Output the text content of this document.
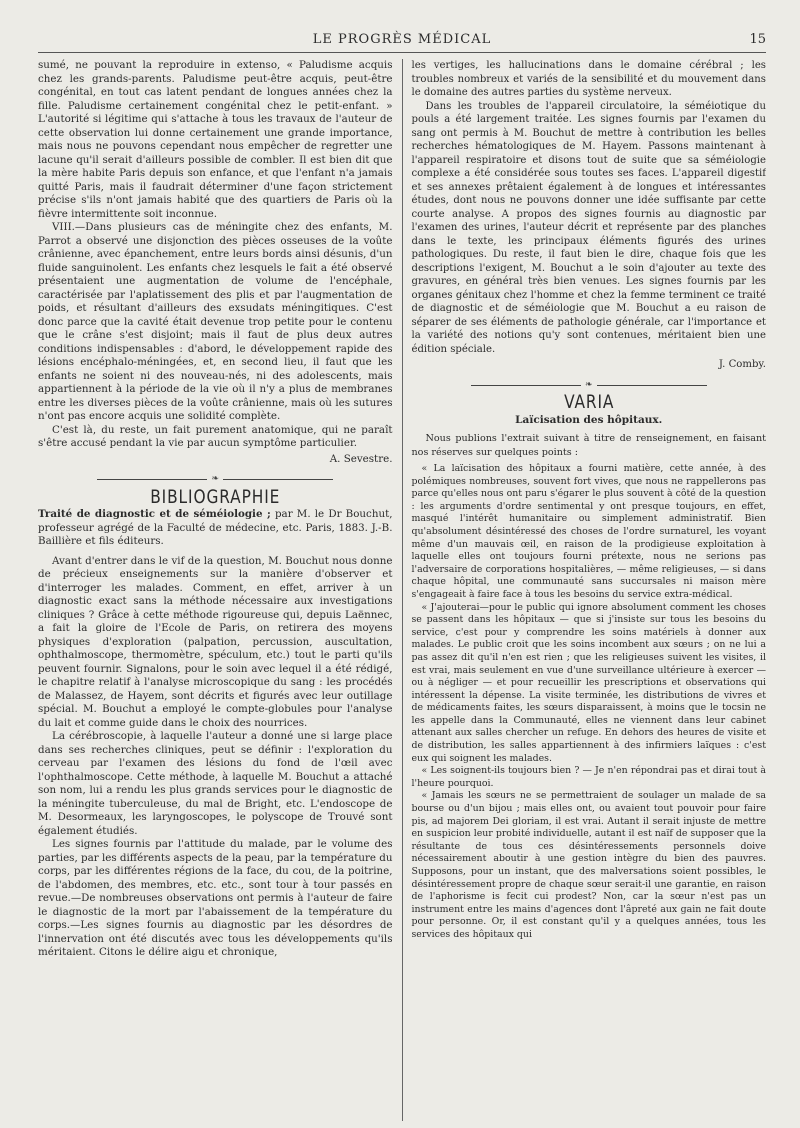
LE PROGRÈS MÉDICAL	15

sumé, ne pouvant la reproduire in extenso, « Paludisme acquis chez les grands-parents. Paludisme peut-être acquis, peut-être congénital, en tout cas latent pendant de longues années chez la fille. Paludisme certainement congénital chez le petit-enfant. » L'autorité si légitime qui s'attache à tous les travaux de l'auteur de cette observation lui donne certainement une grande importance, mais nous ne pouvons cependant nous empêcher de regretter une lacune qu'il serait d'ailleurs possible de combler. Il est bien dit que la mère habite Paris depuis son enfance, et que l'enfant n'a jamais quitté Paris, mais il faudrait déterminer d'une façon strictement précise s'ils n'ont jamais habité que des quartiers de Paris où la fièvre intermittente soit inconnue.

VIII.—Dans plusieurs cas de méningite chez des enfants, M. Parrot a observé une disjonction des pièces osseuses de la voûte crânienne, avec épanchement, entre leurs bords ainsi désunis, d'un fluide sanguinolent. Les enfants chez lesquels le fait a été observé présentaient une augmentation de volume de l'encéphale, caractérisée par l'aplatissement des plis et par l'augmentation de poids, et résultant d'ailleurs des exsudats méningitiques. C'est donc parce que la cavité était devenue trop petite pour le contenu que le crâne s'est disjoint; mais il faut de plus deux autres conditions indispensables : d'abord, le développement rapide des lésions encéphalo-méningées, et, en second lieu, il faut que les enfants ne soient ni des nouveau-nés, ni des adolescents, mais appartiennent à la période de la vie où il n'y a plus de membranes entre les diverses pièces de la voûte crânienne, mais où les sutures n'ont pas encore acquis une solidité complète.

C'est là, du reste, un fait purement anatomique, qui ne paraît s'être accusé pendant la vie par aucun symptôme particulier.

A. Sevestre.
❧
BIBLIOGRAPHIE

Traité de diagnostic et de séméiologie ; par M. le Dr Bouchut, professeur agrégé de la Faculté de médecine, etc. Paris, 1883. J.-B. Baillière et fils éditeurs.

Avant d'entrer dans le vif de la question, M. Bouchut nous donne de précieux enseignements sur la manière d'observer et d'interroger les malades. Comment, en effet, arriver à un diagnostic exact sans la méthode nécessaire aux investigations cliniques ? Grâce à cette méthode rigoureuse qui, depuis Laënnec, a fait la gloire de l'Ecole de Paris, on retirera des moyens physiques d'exploration (palpation, percussion, auscultation, ophthalmoscope, thermomètre, spéculum, etc.) tout le parti qu'ils peuvent fournir. Signalons, pour le soin avec lequel il a été rédigé, le chapitre relatif à l'analyse microscopique du sang : les procédés de Malassez, de Hayem, sont décrits et figurés avec leur outillage spécial. M. Bouchut a employé le compte-globules pour l'analyse du lait et comme guide dans le choix des nourrices.

La cérébroscopie, à laquelle l'auteur a donné une si large place dans ses recherches cliniques, peut se définir : l'exploration du cerveau par l'examen des lésions du fond de l'œil avec l'ophthalmoscope. Cette méthode, à laquelle M. Bouchut a attaché son nom, lui a rendu les plus grands services pour le diagnostic de la méningite tuberculeuse, du mal de Bright, etc. L'endoscope de M. Desormeaux, les laryngoscopes, le polyscope de Trouvé sont également étudiés.

Les signes fournis par l'attitude du malade, par le volume des parties, par les différents aspects de la peau, par la température du corps, par les différentes régions de la face, du cou, de la poitrine, de l'abdomen, des membres, etc. etc., sont tour à tour passés en revue.—De nombreuses observations ont permis à l'auteur de faire le diagnostic de la mort par l'abaissement de la température du corps.—Les signes fournis au diagnostic par les désordres de l'innervation ont été discutés avec tous les développements qu'ils méritaient. Citons le délire aigu et chronique,

les vertiges, les hallucinations dans le domaine cérébral ; les troubles nombreux et variés de la sensibilité et du mouvement dans le domaine des autres parties du système nerveux.

Dans les troubles de l'appareil circulatoire, la séméiotique du pouls a été largement traitée. Les signes fournis par l'examen du sang ont permis à M. Bouchut de mettre à contribution les belles recherches hématologiques de M. Hayem. Passons maintenant à l'appareil respiratoire et disons tout de suite que sa séméiologie complexe a été considérée sous toutes ses faces. L'appareil digestif et ses annexes prêtaient également à de longues et intéressantes études, dont nous ne pouvons donner une idée suffisante par cette courte analyse. A propos des signes fournis au diagnostic par l'examen des urines, l'auteur décrit et représente par des planches dans le texte, les principaux éléments figurés des urines pathologiques. Du reste, il faut bien le dire, chaque fois que les descriptions l'exigent, M. Bouchut a le soin d'ajouter au texte des gravures, en général très bien venues. Les signes fournis par les organes génitaux chez l'homme et chez la femme terminent ce traité de diagnostic et de séméiologie que M. Bouchut a eu raison de séparer de ses éléments de pathologie générale, car l'importance et la variété des notions qu'y sont contenues, méritaient bien une édition spéciale.

J. Comby.
❧
VARIA
Laïcisation des hôpitaux.

Nous publions l'extrait suivant à titre de renseignement, en faisant nos réserves sur quelques points :

« La laïcisation des hôpitaux a fourni matière, cette année, à des polémiques nombreuses, souvent fort vives, que nous ne rappellerons pas parce qu'elles nous ont paru s'égarer le plus souvent à côté de la question : les arguments d'ordre sentimental y ont presque toujours, en effet, masqué l'intérêt humanitaire ou simplement administratif. Bien qu'absolument désintéressé des choses de l'ordre surnaturel, les voyant même d'un mauvais œil, en raison de la prodigieuse exploitation à laquelle elles ont toujours fourni prétexte, nous ne serions pas l'adversaire de corporations hospitalières, — même religieuses, — si dans chaque hôpital, une communauté sans succursales ni maison mère s'engageait à faire face à tous les besoins du service extra-médical.

« J'ajouterai—pour le public qui ignore absolument comment les choses se passent dans les hôpitaux — que si j'insiste sur tous les besoins du service, c'est pour y comprendre les soins matériels à donner aux malades. Le public croit que les soins incombent aux sœurs ; on ne lui a pas assez dit qu'il n'en est rien ; que les religieuses suivent les visites, il est vrai, mais seulement en vue d'une surveillance ultérieure à exercer — ou à négliger — et pour recueillir les prescriptions et observations qui intéressent la dépense. La visite terminée, les distributions de vivres et de médicaments faites, les sœurs disparaissent, à moins que le tocsin ne les appelle dans la Communauté, elles ne viennent dans leur cabinet attenant aux salles chercher un refuge. En dehors des heures de visite et de distribution, les salles appartiennent à des infirmiers laïques : c'est eux qui soignent les malades.

« Les soignent-ils toujours bien ? — Je n'en répondrai pas et dirai tout à l'heure pourquoi.

« Jamais les sœurs ne se permettraient de soulager un malade de sa bourse ou d'un bijou ; mais elles ont, ou avaient tout pouvoir pour faire pis, ad majorem Dei gloriam, il est vrai. Autant il serait injuste de mettre en suspicion leur probité individuelle, autant il est naïf de supposer que la résultante de tous ces désintéressements personnels doive nécessairement aboutir à une gestion intègre du bien des pauvres. Supposons, pour un instant, que des malversations soient possibles, le désintéressement propre de chaque sœur serait-il une garantie, en raison de l'aphorisme is fecit cui prodest? Non, car la sœur n'est pas un instrument entre les mains d'agences dont l'âpreté aux gain ne fait doute pour personne. Or, il est constant qu'il y a quelques années, tous les services des hôpitaux qui
